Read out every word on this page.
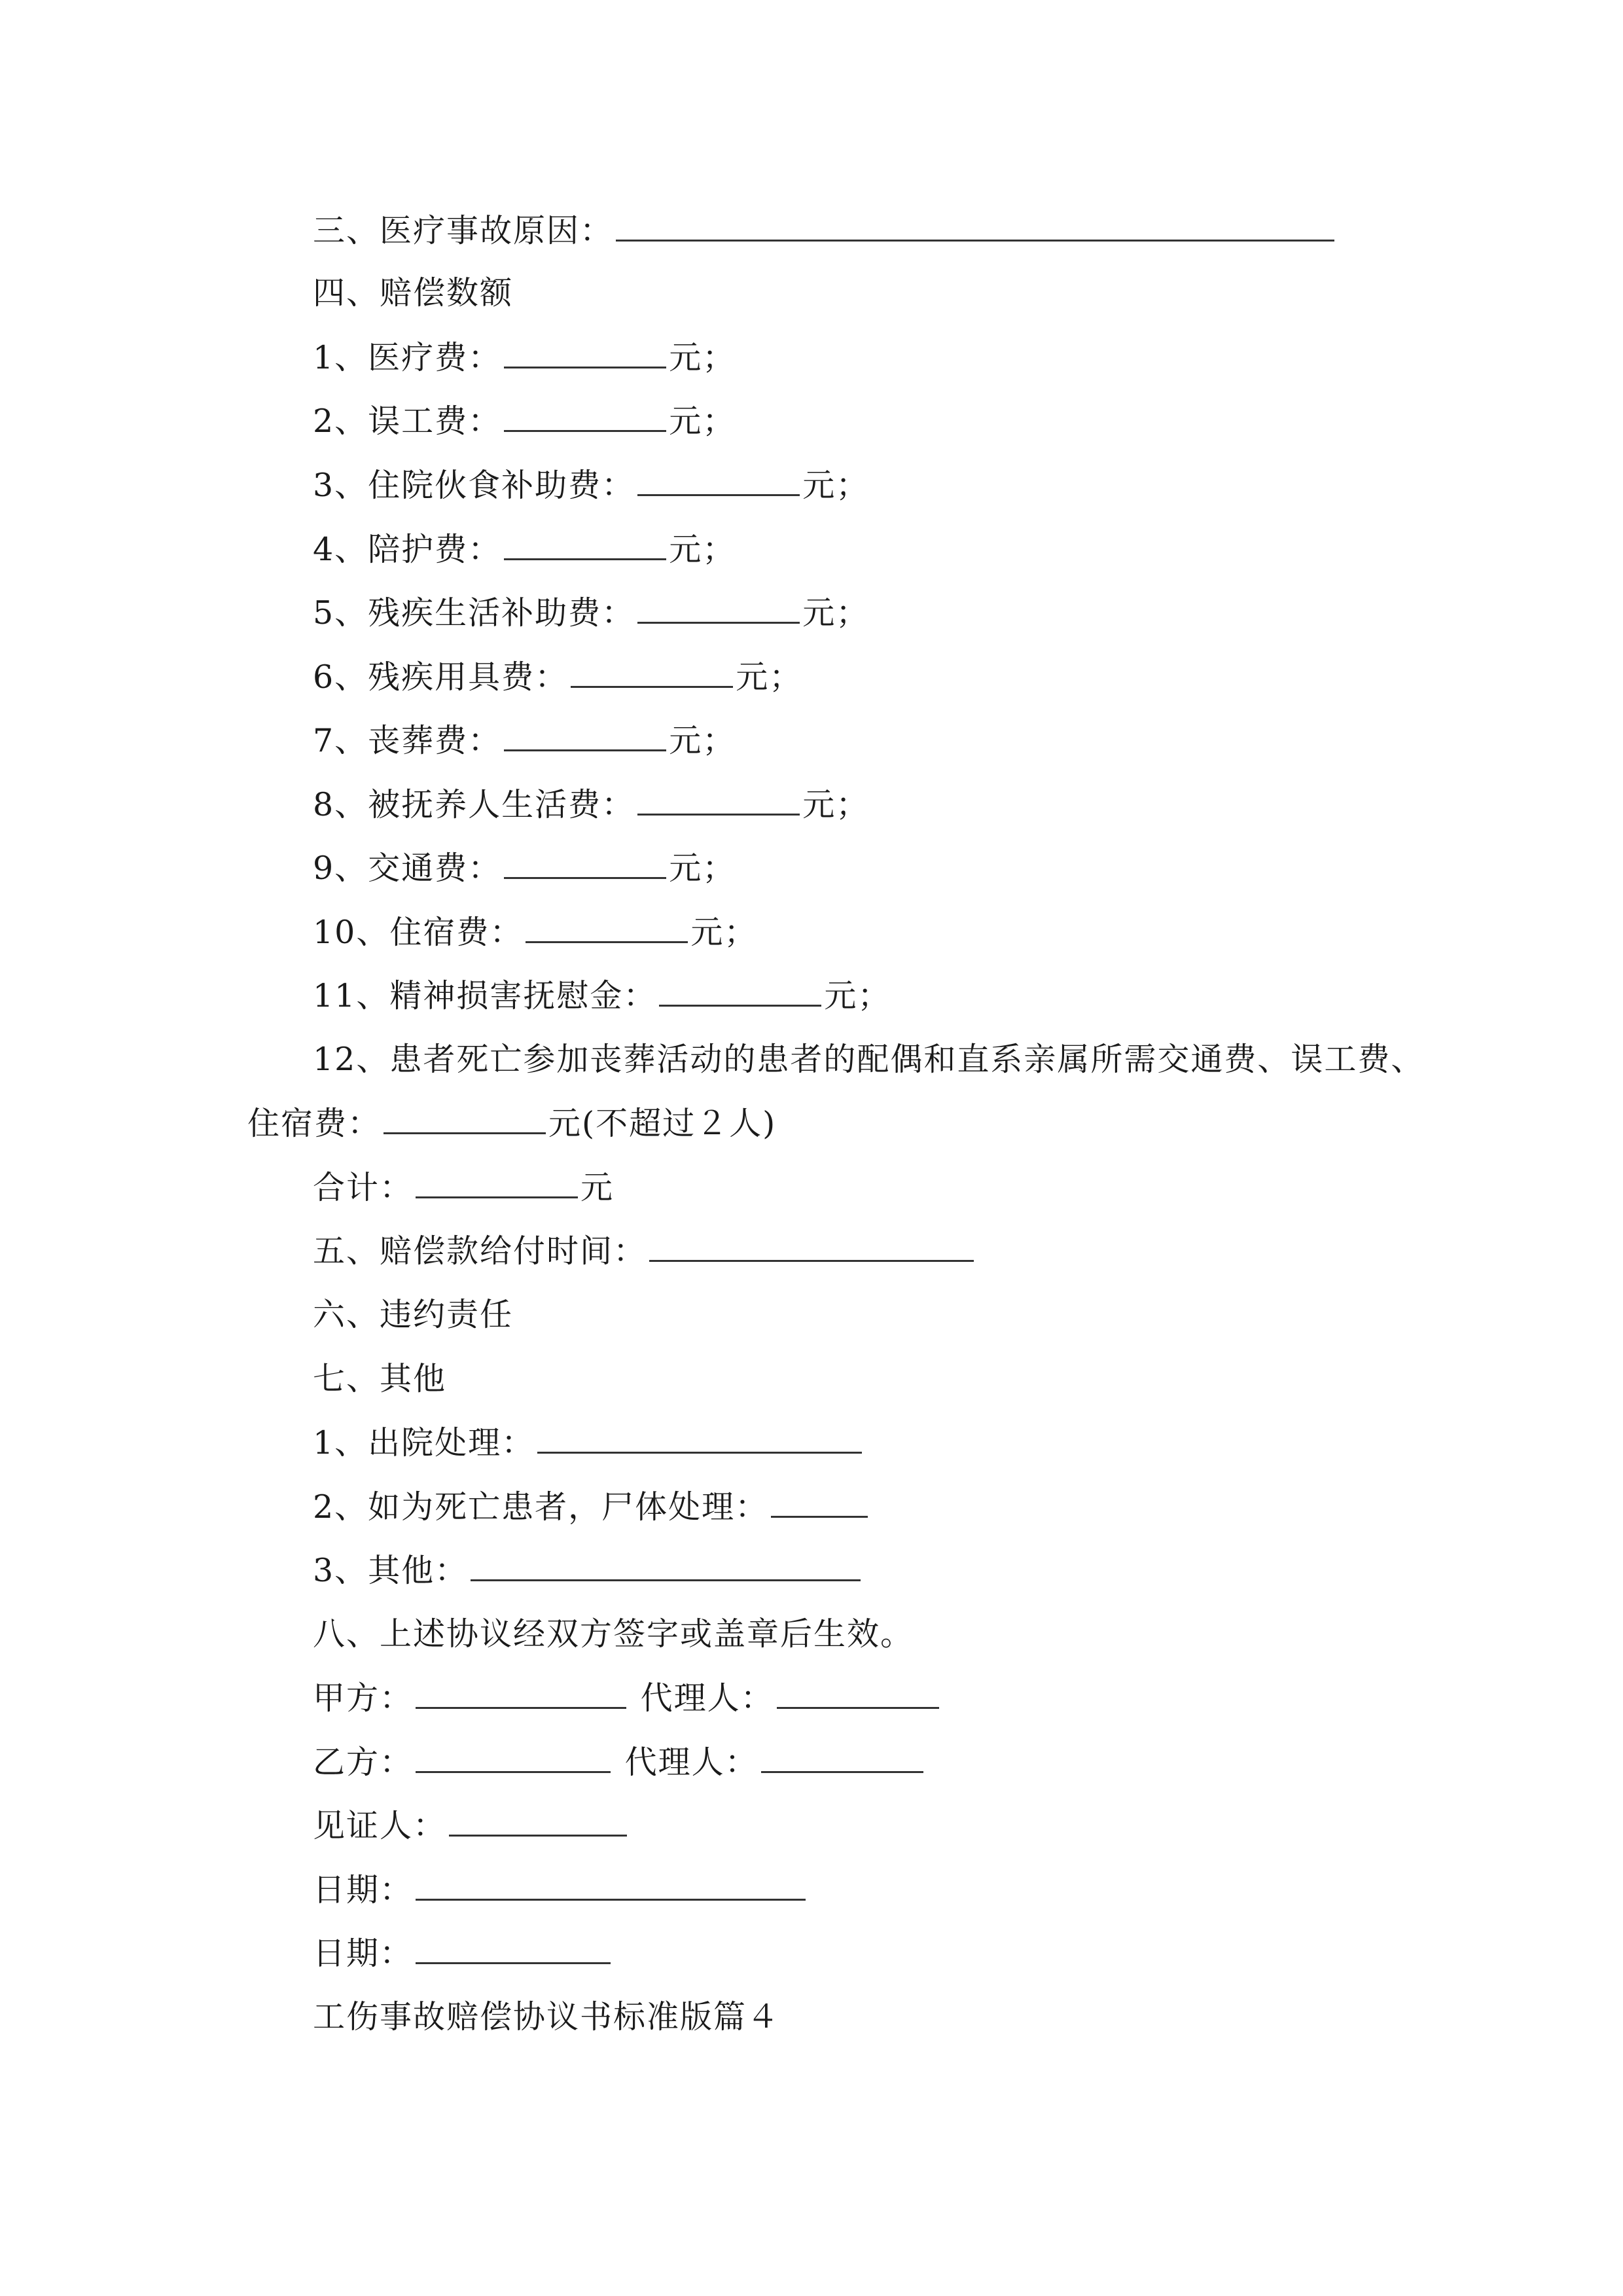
三、医疗事故原因：
四、赔偿数额
1、医疗费：	元；
2、误工费：	元；
3、住院伙食补助费：	元；
4、陪护费：	元；
5、残疾生活补助费：	元；
6、残疾用具费：	元；
7、丧葬费：	元；
8、被抚养人生活费：	元；
9、交通费：	元；
10、住宿费：	元；
11、精神损害抚慰金：	元；
12、患者死亡参加丧葬活动的患者的配偶和直系亲属所需交通费、误工费、
住宿费：	元(不超过２人)
合计：	元
五、赔偿款给付时间：
六、违约责任
七、其他
1、出院处理：
2、如为死亡患者，尸体处理：
3、其他：
八、上述协议经双方签字或盖章后生效。
甲方：	代理人：
乙方：	代理人：
见证人：
日期：
日期：
工伤事故赔偿协议书标准版篇４
